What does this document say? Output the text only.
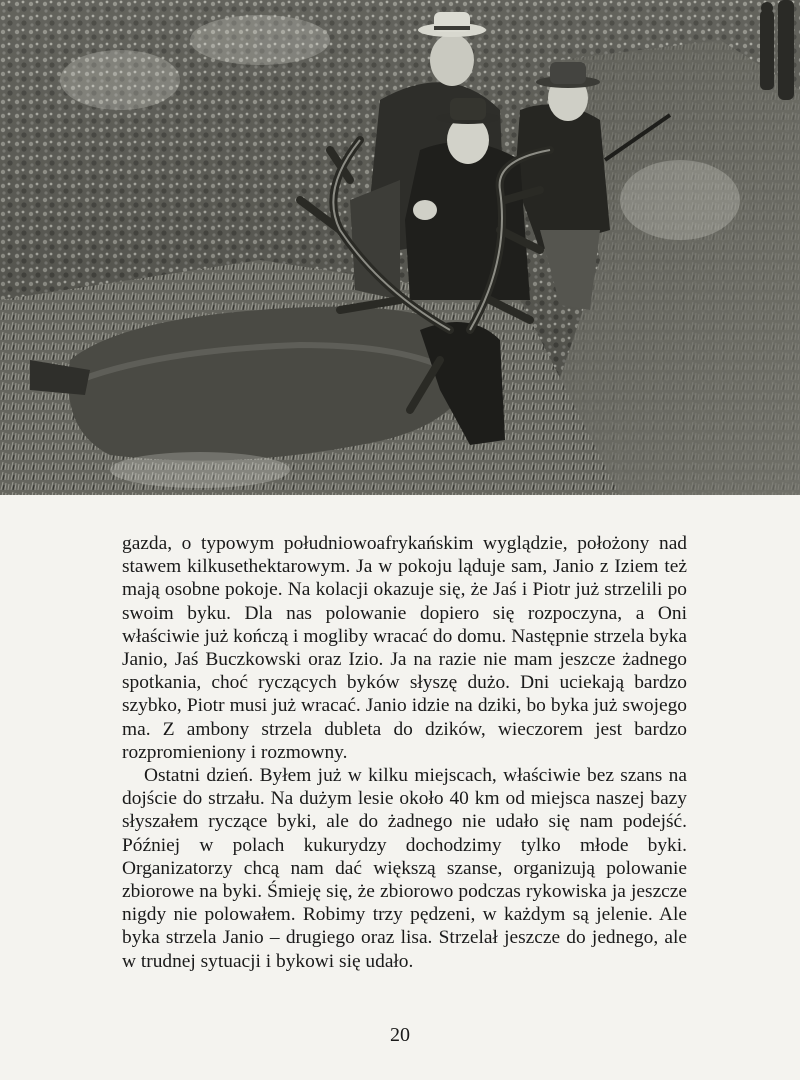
gazda, o typowym południowoafrykańskim wyglądzie, położony nad stawem kilkusethektarowym. Ja w pokoju ląduje sam, Janio z Iziem też mają osobne pokoje. Na kolacji okazuje się, że Jaś i Piotr już strzelili po swoim byku. Dla nas polowanie dopiero się rozpoczyna, a Oni właściwie już kończą i mogliby wracać do domu. Następnie strzela byka Janio, Jaś Buczkowski oraz Izio. Ja na razie nie mam jeszcze żadnego spotkania, choć ryczących byków słyszę dużo. Dni uciekają bardzo szybko, Piotr musi już wracać. Janio idzie na dziki, bo byka już swojego ma. Z ambony strzela dubleta do dzików, wieczorem jest bardzo rozpromieniony i rozmowny.

Ostatni dzień. Byłem już w kilku miejscach, właściwie bez szans na dojście do strzału. Na dużym lesie około 40 km od miejsca naszej bazy słyszałem ryczące byki, ale do żadnego nie udało się nam podejść. Później w polach kukurydzy dochodzimy tylko młode byki. Organizatorzy chcą nam dać większą szanse, organizują polowanie zbiorowe na byki. Śmieję się, że zbiorowo podczas rykowiska ja jeszcze nigdy nie polowałem. Robimy trzy pędzeni, w każdym są jelenie. Ale byka strzela Janio – drugiego oraz lisa. Strzelał jeszcze do jednego, ale w trudnej sytuacji i bykowi się udało.

20
